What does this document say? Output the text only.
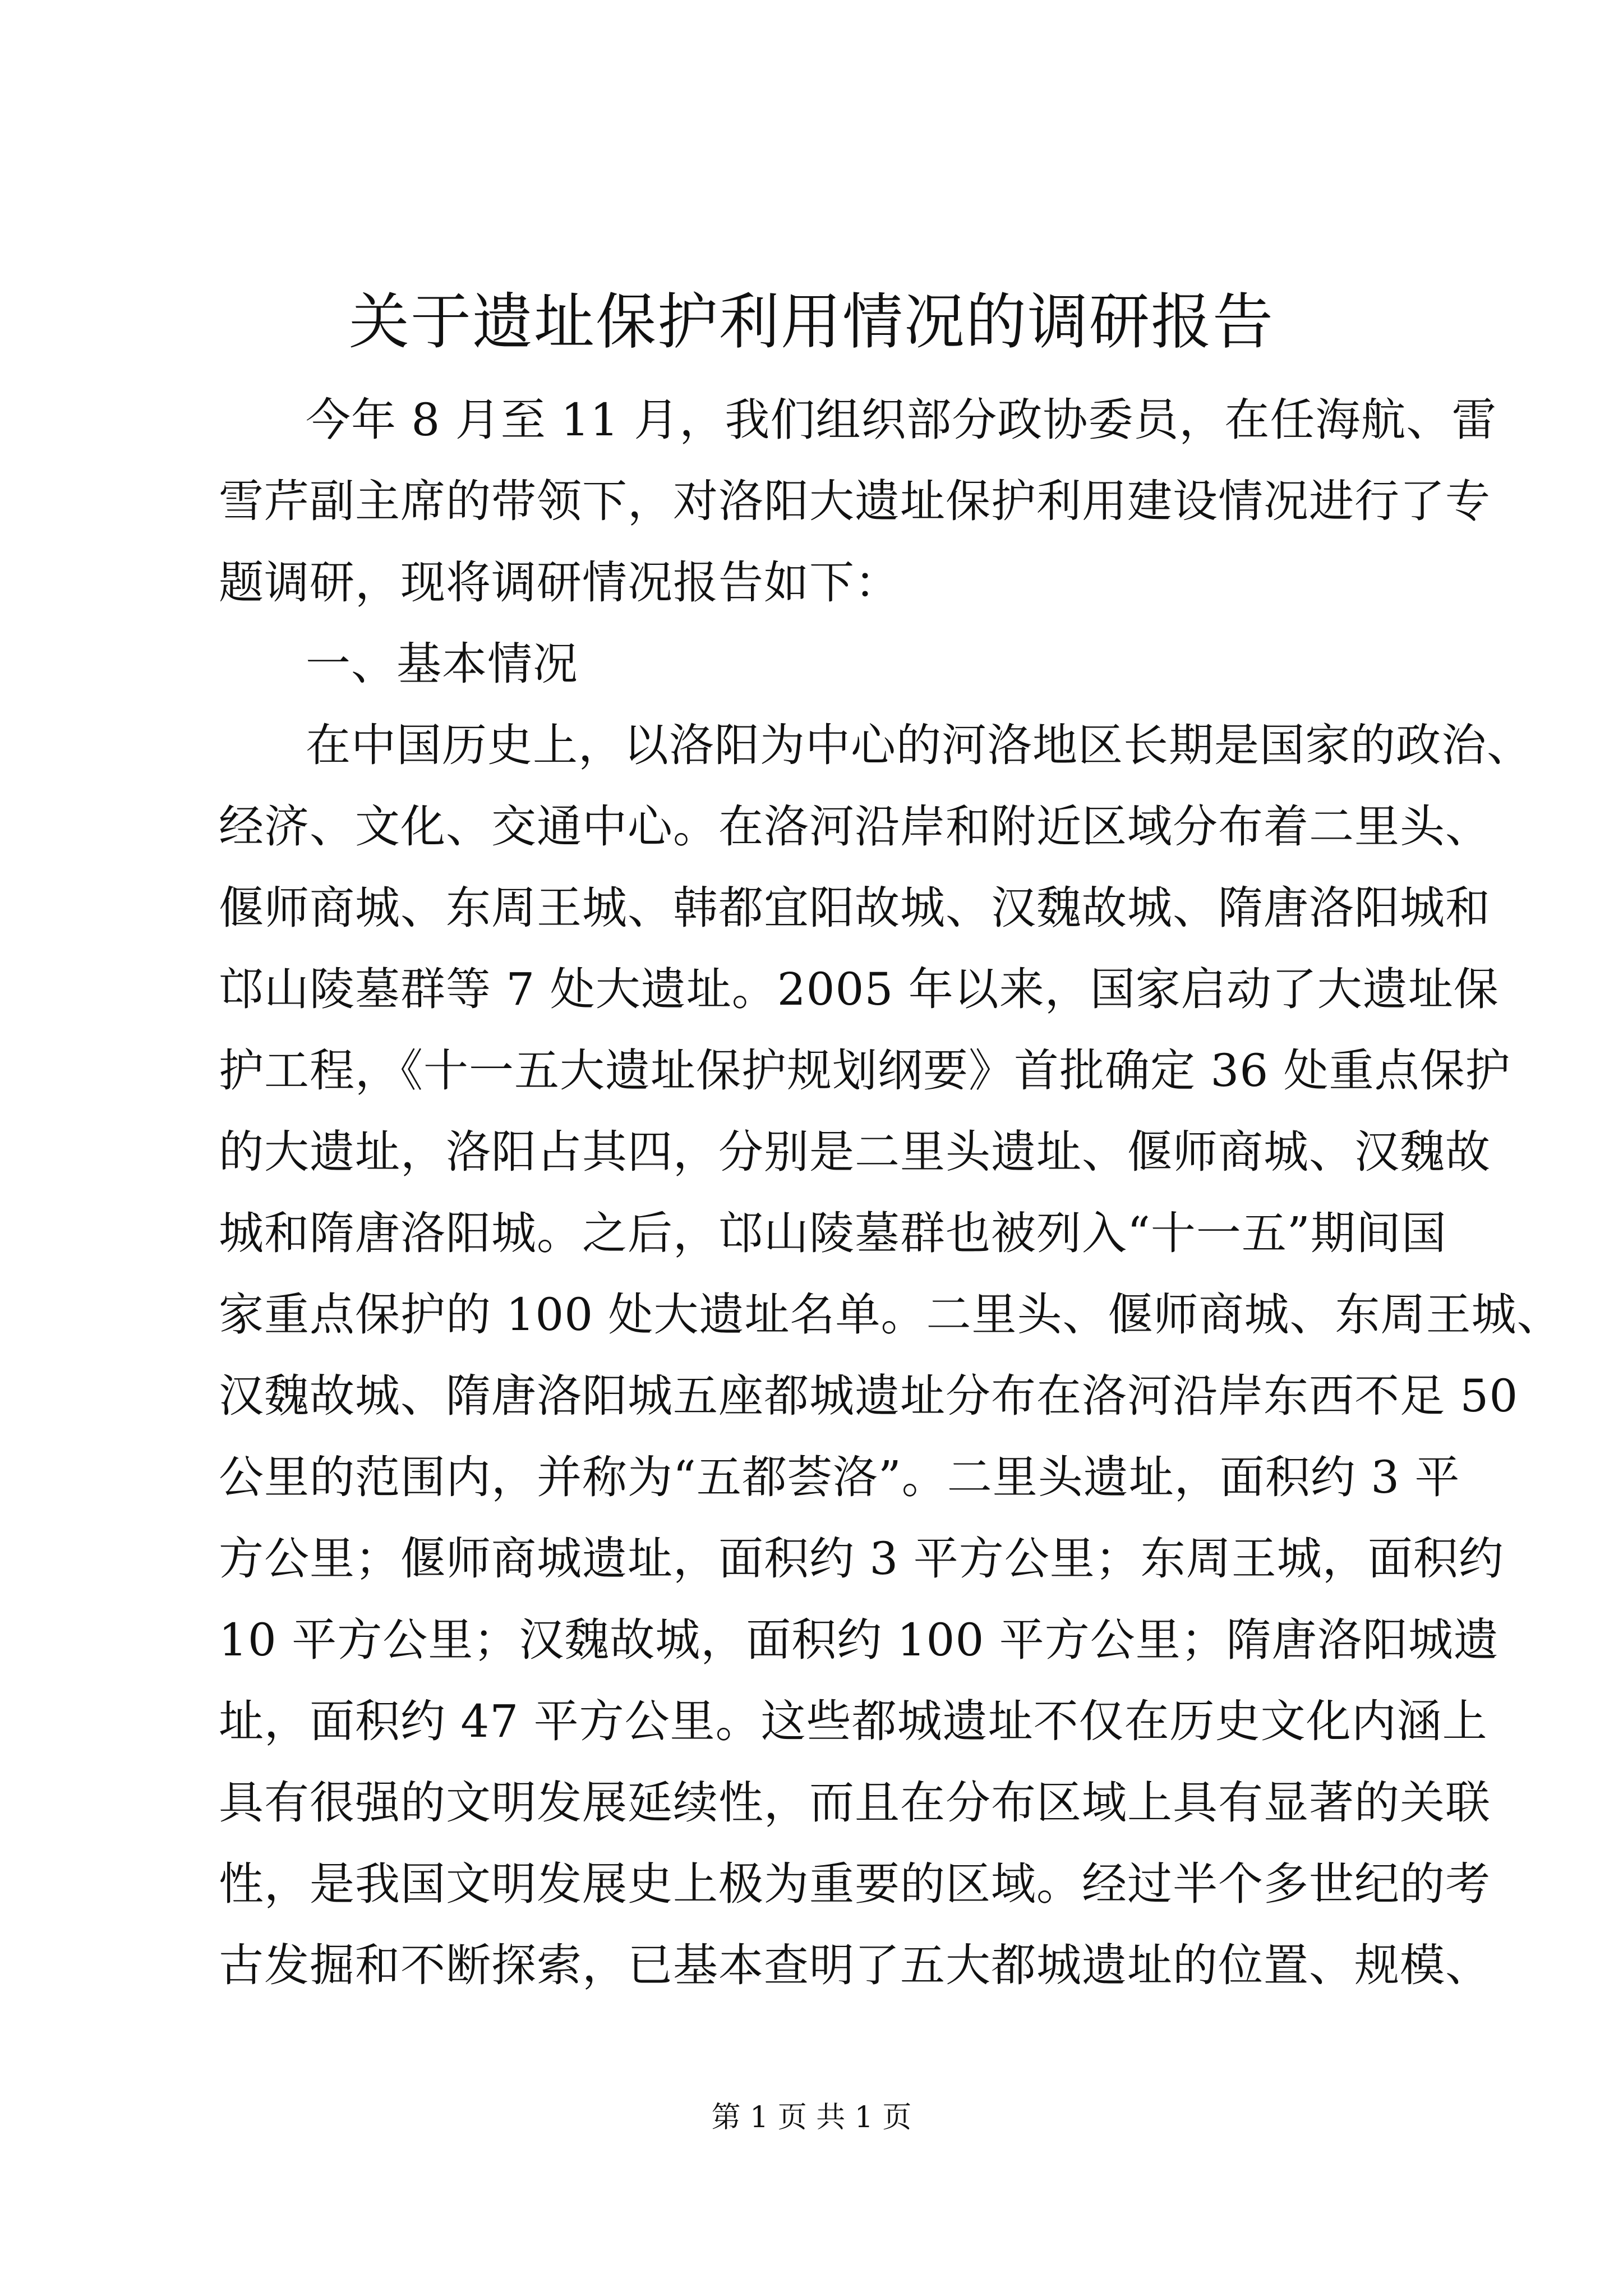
关于遗址保护利用情况的调研报告
今年 8 月至 11 月，我们组织部分政协委员，在任海航、雷
雪芹副主席的带领下，对洛阳大遗址保护利用建设情况进行了专
题调研，现将调研情况报告如下：
一、基本情况
在中国历史上，以洛阳为中心的河洛地区长期是国家的政治、
经济、文化、交通中心。在洛河沿岸和附近区域分布着二里头、
偃师商城、东周王城、韩都宜阳故城、汉魏故城、隋唐洛阳城和
邙山陵墓群等 7 处大遗址。2005 年以来，国家启动了大遗址保
护工程，《十一五大遗址保护规划纲要》首批确定 36 处重点保护
的大遗址，洛阳占其四，分别是二里头遗址、偃师商城、汉魏故
城和隋唐洛阳城。之后，邙山陵墓群也被列入“十一五”期间国
家重点保护的 100 处大遗址名单。二里头、偃师商城、东周王城、
汉魏故城、隋唐洛阳城五座都城遗址分布在洛河沿岸东西不足 50
公里的范围内，并称为“五都荟洛”。二里头遗址，面积约 3 平
方公里；偃师商城遗址，面积约 3 平方公里；东周王城，面积约
10 平方公里；汉魏故城，面积约 100 平方公里；隋唐洛阳城遗
址，面积约 47 平方公里。这些都城遗址不仅在历史文化内涵上
具有很强的文明发展延续性，而且在分布区域上具有显著的关联
性，是我国文明发展史上极为重要的区域。经过半个多世纪的考
古发掘和不断探索，已基本查明了五大都城遗址的位置、规模、
第 1 页 共 1 页
